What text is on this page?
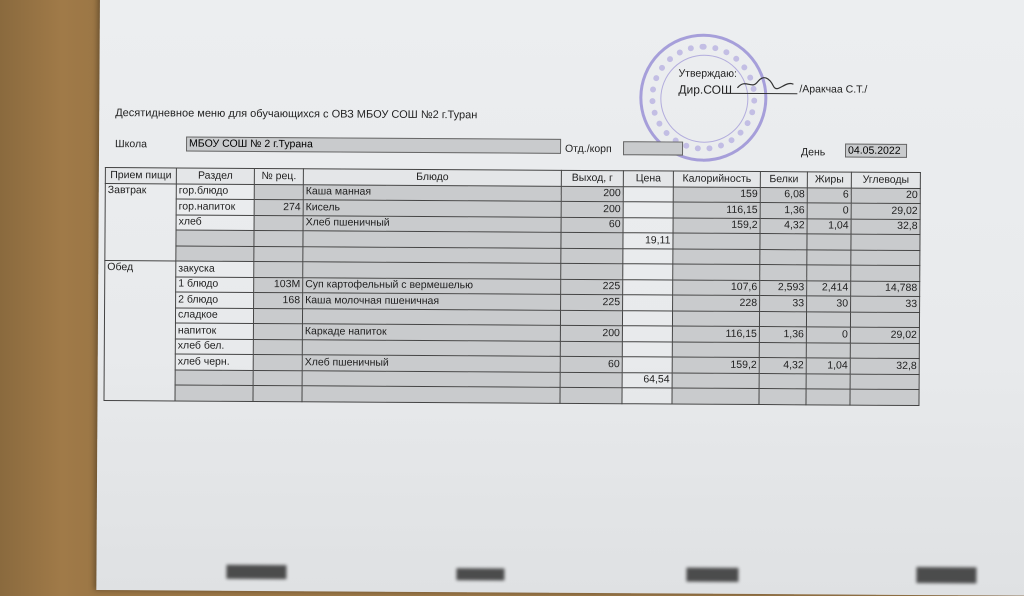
Утверждаю:
Дир.СОШ	/Аракчаа С.Т./
Десятидневное меню для обучающихся с ОВЗ МБОУ СОШ №2 г.Туран
Школа	МБОУ СОШ № 2 г.Турана	Отд./корп	День 04.05.2022
Прием пищи	Раздел	№ рец.	Блюдо	Выход, г	Цена	Калорийность	Белки	Жиры	Углеводы
Завтрак	гор.блюдо		Каша манная	200		159	6,08	6	20
	гор.напиток	274	Кисель	200		116,15	1,36	0	29,02
	хлеб		Хлеб пшеничный	60		159,2	4,32	1,04	32,8
					19,11				

Обед	закуска								
	1 блюдо	103М	Суп картофельный с вермешелью	225		107,6	2,593	2,414	14,788
	2 блюдо	168	Каша молочная пшеничная	225		228	33	30	33
	сладкое								
	напиток		Каркаде напиток	200		116,15	1,36	0	29,02
	хлеб бел.								
	хлеб черн.		Хлеб пшеничный	60		159,2	4,32	1,04	32,8
					64,54				
